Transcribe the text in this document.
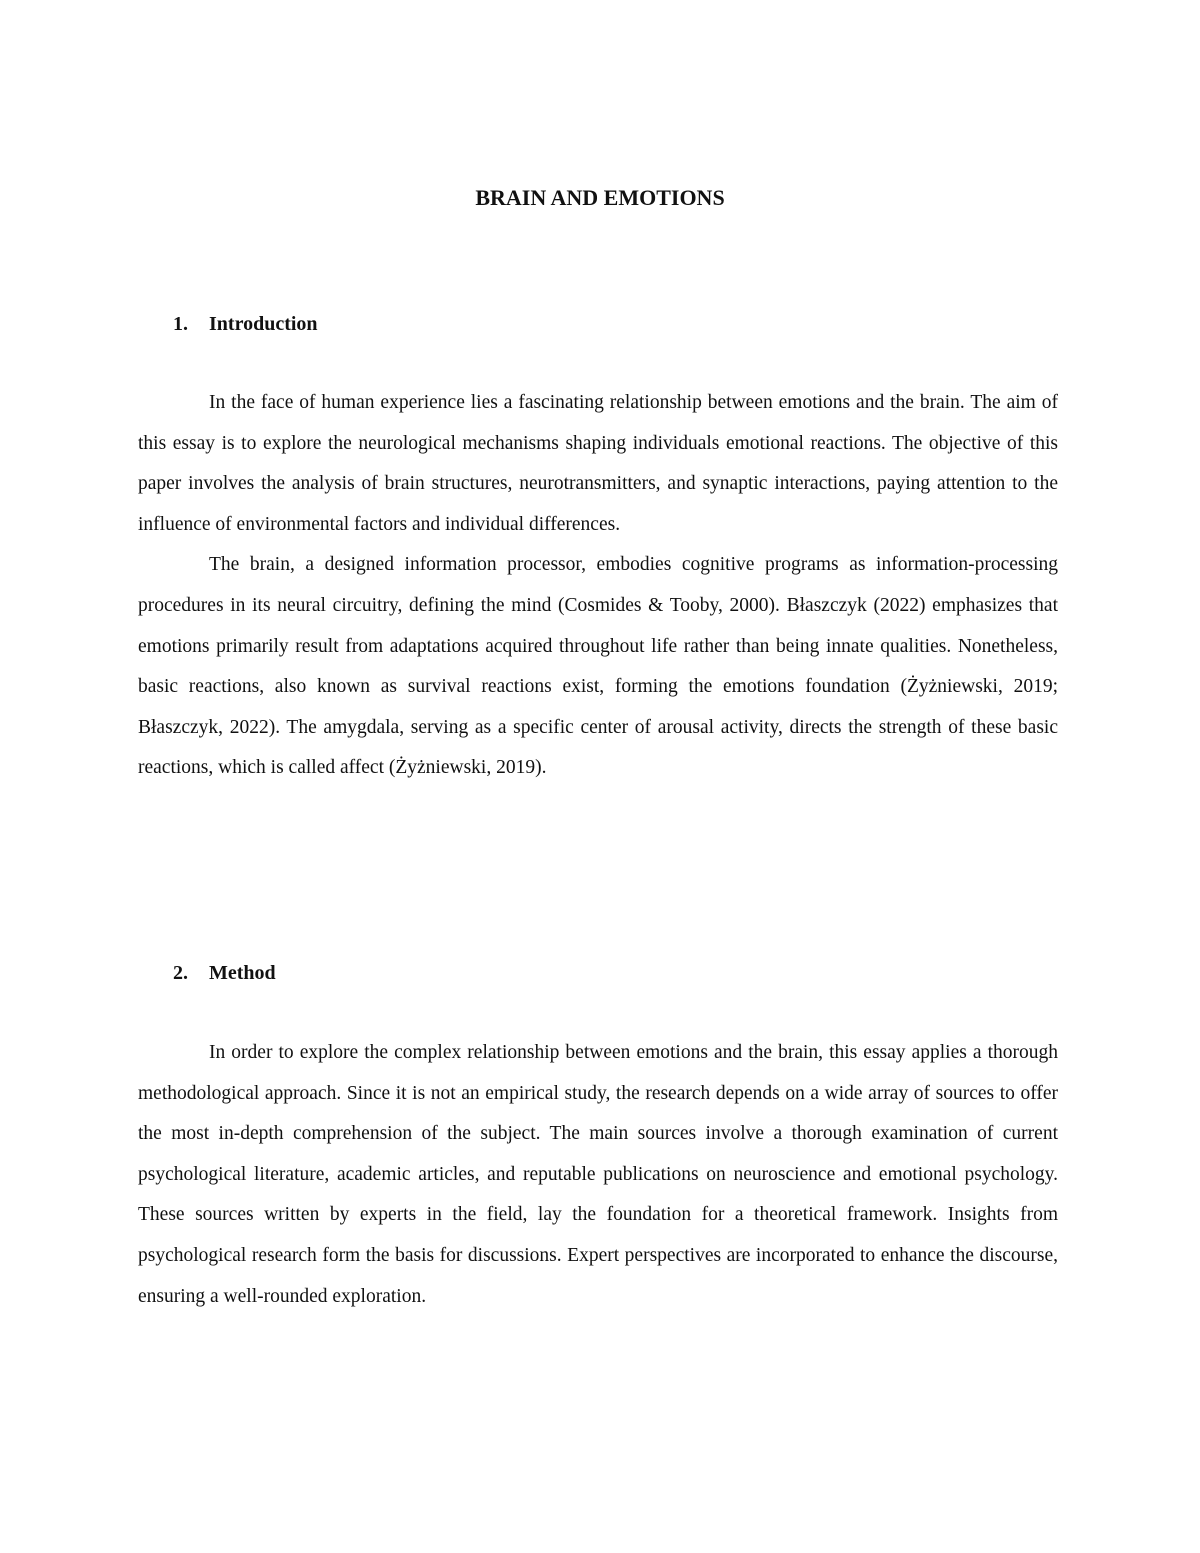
BRAIN AND EMOTIONS
1. Introduction

In the face of human experience lies a fascinating relationship between emotions and the brain. The aim of this essay is to explore the neurological mechanisms shaping individuals emotional reactions. The objective of this paper involves the analysis of brain structures, neurotransmitters, and synaptic interactions, paying attention to the influence of environmental factors and individual differences.

The brain, a designed information processor, embodies cognitive programs as information-processing procedures in its neural circuitry, defining the mind (Cosmides & Tooby, 2000). Błaszczyk (2022) emphasizes that emotions primarily result from adaptations acquired throughout life rather than being innate qualities. Nonetheless, basic reactions, also known as survival reactions exist, forming the emotions foundation (Żyżniewski, 2019; Błaszczyk, 2022). The amygdala, serving as a specific center of arousal activity, directs the strength of these basic reactions, which is called affect (Żyżniewski, 2019).

2. Method

In order to explore the complex relationship between emotions and the brain, this essay applies a thorough methodological approach. Since it is not an empirical study, the research depends on a wide array of sources to offer the most in-depth comprehension of the subject. The main sources involve a thorough examination of current psychological literature, academic articles, and reputable publications on neuroscience and emotional psychology. These sources written by experts in the field, lay the foundation for a theoretical framework. Insights from psychological research form the basis for discussions. Expert perspectives are incorporated to enhance the discourse, ensuring a well-rounded exploration.
